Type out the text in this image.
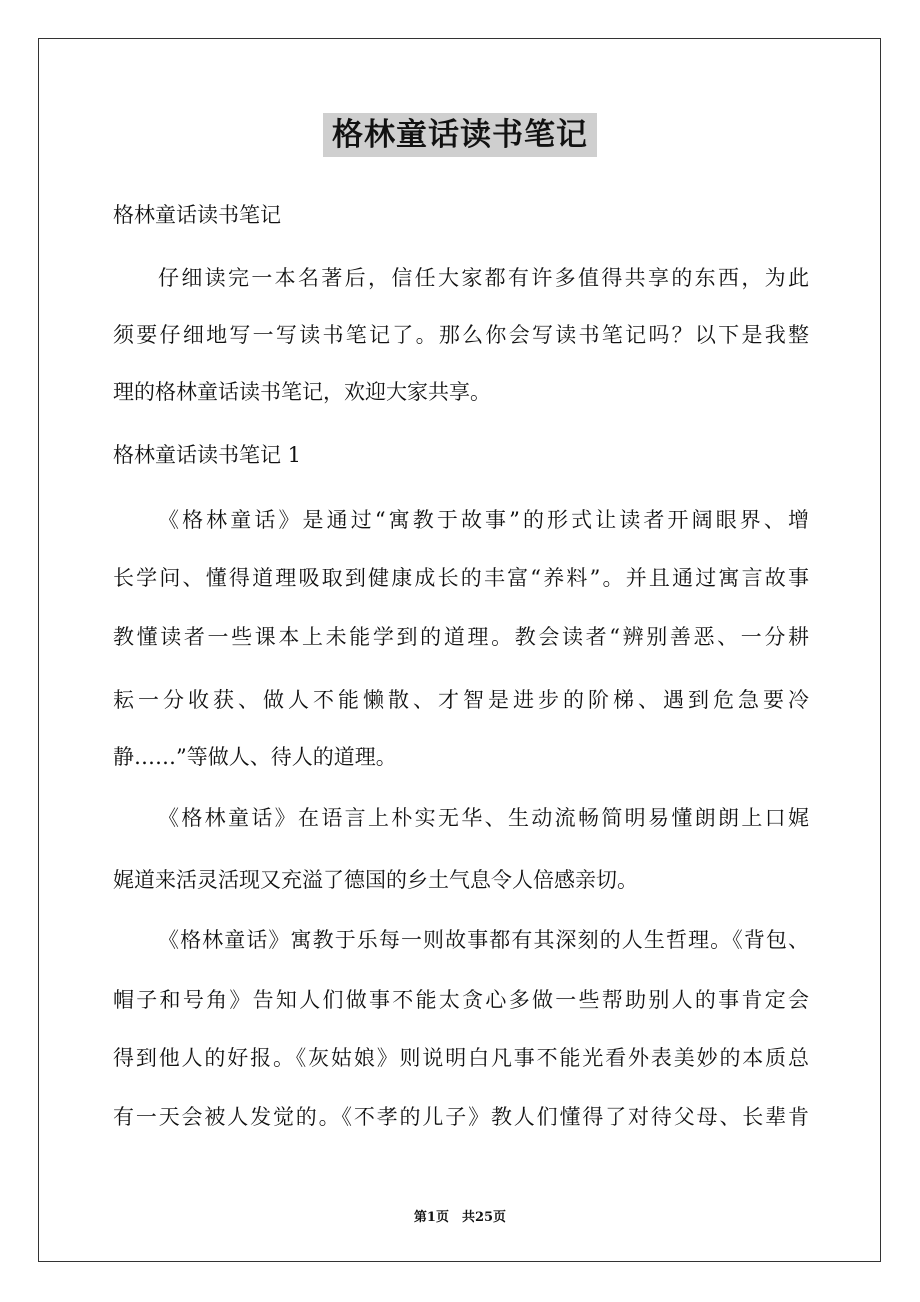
格林童话读书笔记
格林童话读书笔记
仔细读完一本名著后，信任大家都有许多值得共享的东西，为此
须要仔细地写一写读书笔记了。那么你会写读书笔记吗？以下是我整
理的格林童话读书笔记，欢迎大家共享。
格林童话读书笔记 1
《格林童话》是通过“寓教于故事”的形式让读者开阔眼界、增
长学问、懂得道理吸取到健康成长的丰富“养料”。并且通过寓言故事
教懂读者一些课本上未能学到的道理。教会读者“辨别善恶、一分耕
耘一分收获、做人不能懒散、才智是进步的阶梯、遇到危急要冷
静……”等做人、待人的道理。
《格林童话》在语言上朴实无华、生动流畅简明易懂朗朗上口娓
娓道来活灵活现又充溢了德国的乡土气息令人倍感亲切。
《格林童话》寓教于乐每一则故事都有其深刻的人生哲理。《背包、
帽子和号角》告知人们做事不能太贪心多做一些帮助别人的事肯定会
得到他人的好报。《灰姑娘》则说明白凡事不能光看外表美妙的本质总
有一天会被人发觉的。《不孝的儿子》教人们懂得了对待父母、长辈肯
第1页　共25页
